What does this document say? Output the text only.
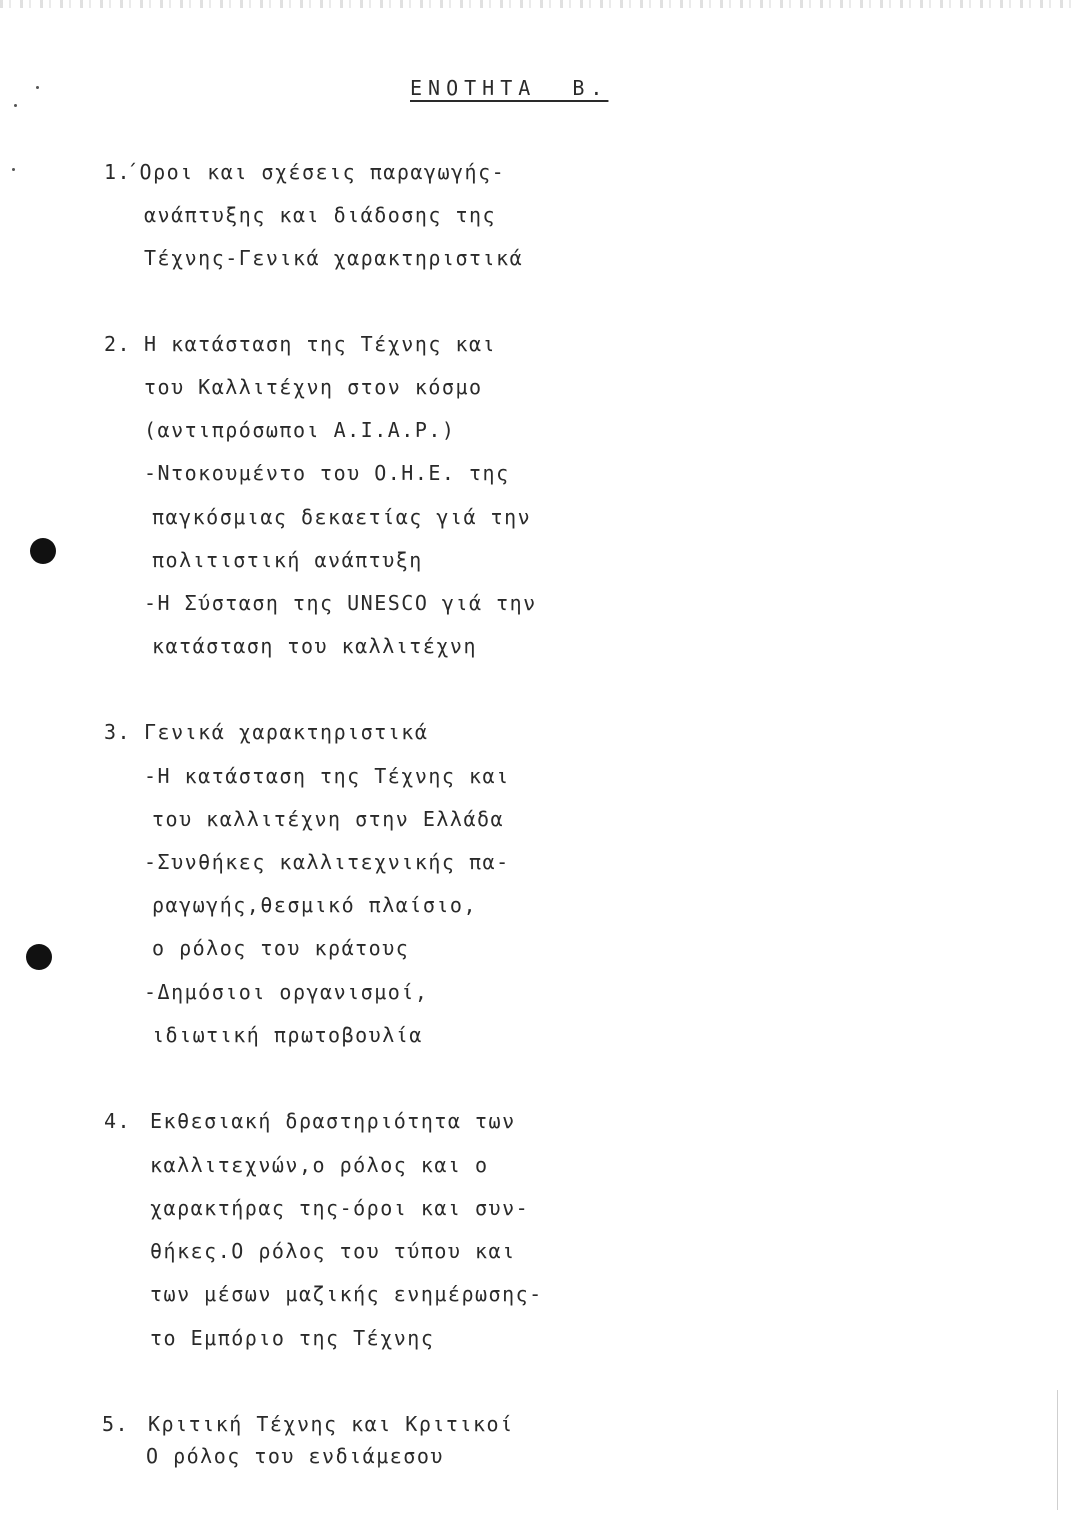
ΕΝΟΤΗΤΑ  Β.
1.
΄Οροι και σχέσεις παραγωγής-
ανάπτυξης και διάδοσης της
Τέχνης-Γενικά χαρακτηριστικά
2. Η κατάσταση της Τέχνης και
του Καλλιτέχνη στον κόσμο
(αντιπρόσωποι Α.Ι.Α.Ρ.)
-Ντοκουμέντο του Ο.Η.Ε. της
παγκόσμιας δεκαετίας γιά την
πολιτιστική ανάπτυξη
-Η Σύσταση της UNESCO γιά την
κατάσταση του καλλιτέχνη
3. Γενικά χαρακτηριστικά
-Η κατάσταση της Τέχνης και
του καλλιτέχνη στην Ελλάδα
-Συνθήκες καλλιτεχνικής πα-
ραγωγής,θεσμικό πλαίσιο,
ο ρόλος του κράτους
-Δημόσιοι οργανισμοί,
ιδιωτική πρωτοβουλία
4. Εκθεσιακή δραστηριότητα των
καλλιτεχνών,ο ρόλος και ο
χαρακτήρας της-όροι και συν-
θήκες.Ο ρόλος του τύπου και
των μέσων μαζικής ενημέρωσης-
το Εμπόριο της Τέχνης
5. Κριτική Τέχνης και Κριτικοί
Ο ρόλος του ενδιάμεσου
